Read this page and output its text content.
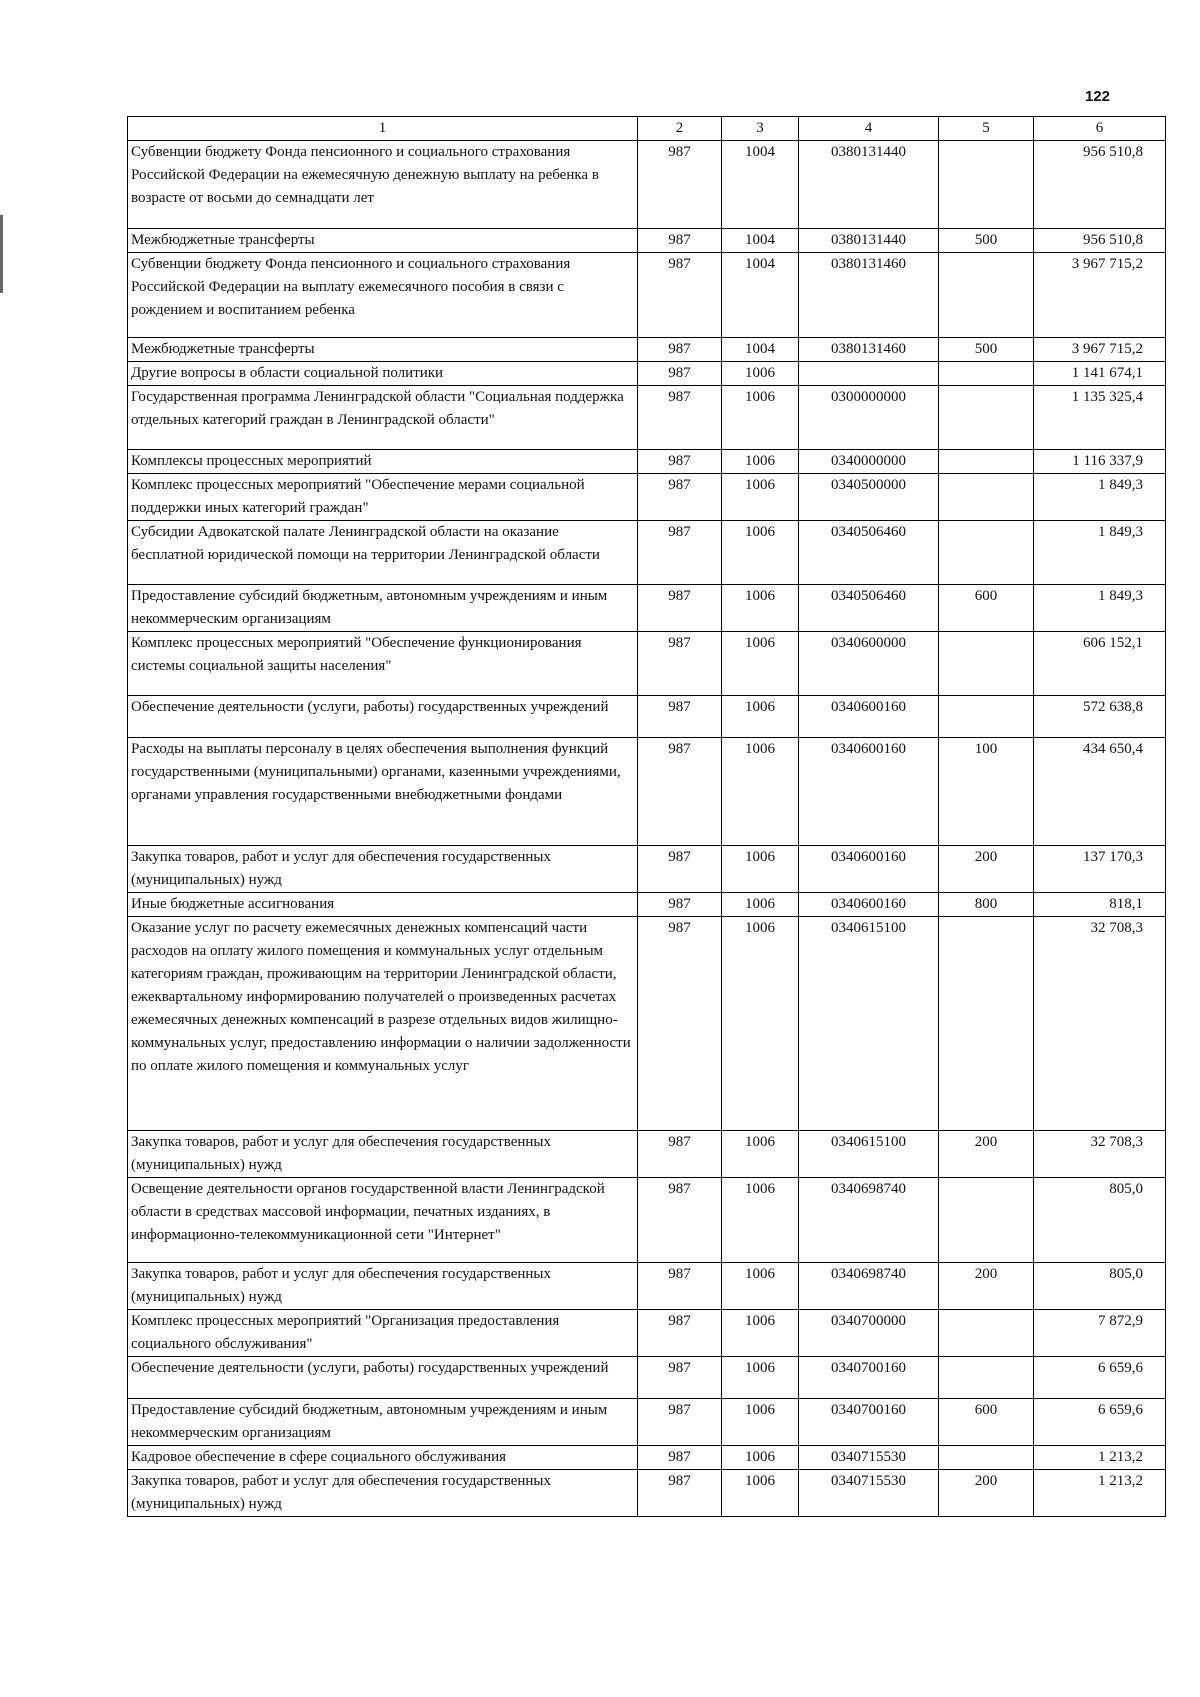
122
1	2	3	4	5	6
Субвенции бюджету Фонда пенсионного и социального страхования Российской Федерации на ежемесячную денежную выплату на ребенка в возрасте от восьми до семнадцати лет	987	1004	0380131440		956 510,8
Межбюджетные трансферты	987	1004	0380131440	500	956 510,8
Субвенции бюджету Фонда пенсионного и социального страхования Российской Федерации на выплату ежемесячного пособия в связи с рождением и воспитанием ребенка	987	1004	0380131460		3 967 715,2
Межбюджетные трансферты	987	1004	0380131460	500	3 967 715,2
Другие вопросы в области социальной политики	987	1006			1 141 674,1
Государственная программа Ленинградской области "Социальная поддержка отдельных категорий граждан в Ленинградской области"	987	1006	0300000000		1 135 325,4
Комплексы процессных мероприятий	987	1006	0340000000		1 116 337,9
Комплекс процессных мероприятий "Обеспечение мерами социальной поддержки иных категорий граждан"	987	1006	0340500000		1 849,3
Субсидии Адвокатской палате Ленинградской области на оказание бесплатной юридической помощи на территории Ленинградской области	987	1006	0340506460		1 849,3
Предоставление субсидий бюджетным, автономным учреждениям и иным некоммерческим организациям	987	1006	0340506460	600	1 849,3
Комплекс процессных мероприятий "Обеспечение функционирования системы социальной защиты населения"	987	1006	0340600000		606 152,1
Обеспечение деятельности (услуги, работы) государственных учреждений	987	1006	0340600160		572 638,8
Расходы на выплаты персоналу в целях обеспечения выполнения функций государственными (муниципальными) органами, казенными учреждениями, органами управления государственными внебюджетными фондами	987	1006	0340600160	100	434 650,4
Закупка товаров, работ и услуг для обеспечения государственных (муниципальных) нужд	987	1006	0340600160	200	137 170,3
Иные бюджетные ассигнования	987	1006	0340600160	800	818,1
Оказание услуг по расчету ежемесячных денежных компенсаций части расходов на оплату жилого помещения и коммунальных услуг отдельным категориям граждан, проживающим на территории Ленинградской области, ежеквартальному информированию получателей о произведенных расчетах ежемесячных денежных компенсаций в разрезе отдельных видов жилищно-коммунальных услуг, предоставлению информации о наличии задолженности по оплате жилого помещения и коммунальных услуг	987	1006	0340615100		32 708,3
Закупка товаров, работ и услуг для обеспечения государственных (муниципальных) нужд	987	1006	0340615100	200	32 708,3
Освещение деятельности органов государственной власти Ленинградской области в средствах массовой информации, печатных изданиях, в информационно-телекоммуникационной сети "Интернет"	987	1006	0340698740		805,0
Закупка товаров, работ и услуг для обеспечения государственных (муниципальных) нужд	987	1006	0340698740	200	805,0
Комплекс процессных мероприятий "Организация предоставления социального обслуживания"	987	1006	0340700000		7 872,9
Обеспечение деятельности (услуги, работы) государственных учреждений	987	1006	0340700160		6 659,6
Предоставление субсидий бюджетным, автономным учреждениям и иным некоммерческим организациям	987	1006	0340700160	600	6 659,6
Кадровое обеспечение в сфере социального обслуживания	987	1006	0340715530		1 213,2
Закупка товаров, работ и услуг для обеспечения государственных (муниципальных) нужд	987	1006	0340715530	200	1 213,2
